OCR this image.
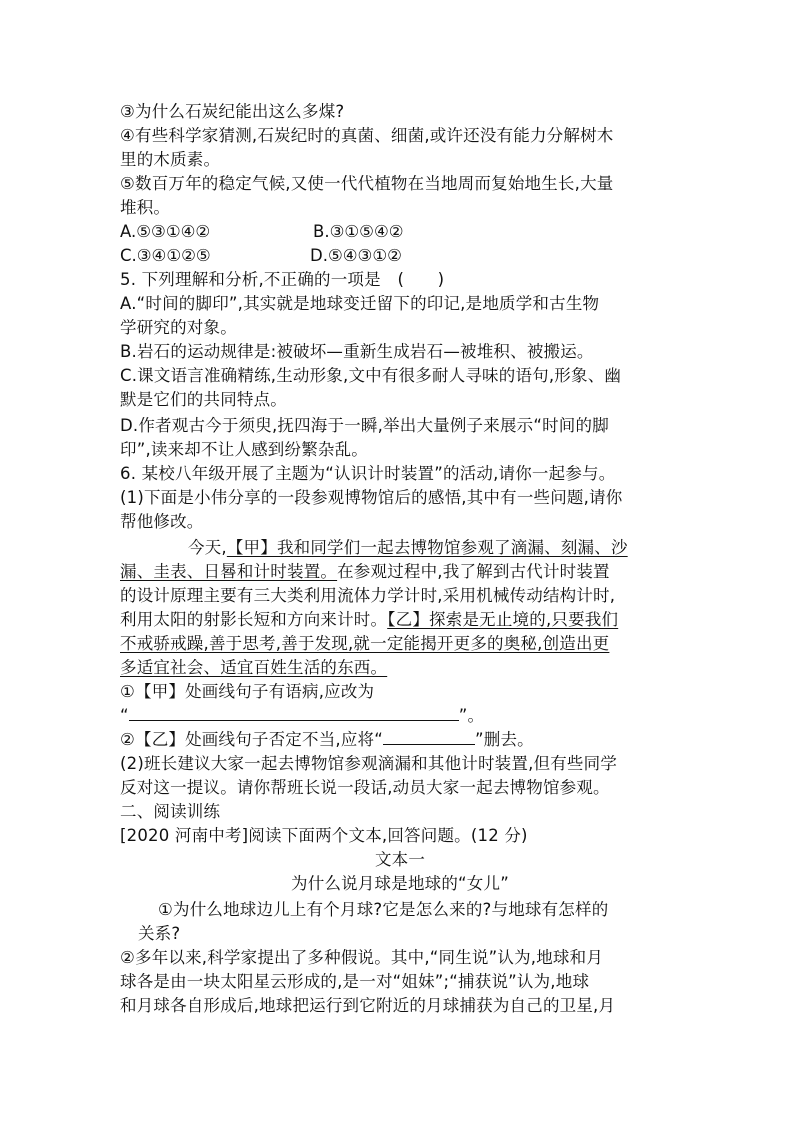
③为什么石炭纪能出这么多煤?
④有些科学家猜测,石炭纪时的真菌、细菌,或许还没有能力分解树木
里的木质素。
⑤数百万年的稳定气候,又使一代代植物在当地周而复始地生长,大量
堆积。
A.⑤③①④②	B.③①⑤④②
C.③④①②⑤	D.⑤④③①②
5. 下列理解和分析,不正确的一项是　(　　)
A.“时间的脚印”,其实就是地球变迁留下的印记,是地质学和古生物
学研究的对象。
B.岩石的运动规律是:被破坏—重新生成岩石—被堆积、被搬运。
C.课文语言准确精练,生动形象,文中有很多耐人寻味的语句,形象、幽
默是它们的共同特点。
D.作者观古今于须臾,抚四海于一瞬,举出大量例子来展示“时间的脚
印”,读来却不让人感到纷繁杂乱。
6. 某校八年级开展了主题为“认识计时装置”的活动,请你一起参与。
(1)下面是小伟分享的一段参观博物馆后的感悟,其中有一些问题,请你
帮他修改。
今天,【甲】我和同学们一起去博物馆参观了滴漏、刻漏、沙
漏、圭表、日晷和计时装置。在参观过程中,我了解到古代计时装置
的设计原理主要有三大类利用流体力学计时,采用机械传动结构计时,
利用太阳的射影长短和方向来计时。【乙】探索是无止境的,只要我们
不戒骄戒躁,善于思考,善于发现,就一定能揭开更多的奥秘,创造出更
多适宜社会、适宜百姓生活的东西。
①【甲】处画线句子有语病,应改为
“	”。
②【乙】处画线句子否定不当,应将“	”删去。
(2)班长建议大家一起去博物馆参观滴漏和其他计时装置,但有些同学
反对这一提议。请你帮班长说一段话,动员大家一起去博物馆参观。
二、阅读训练
[2020 河南中考]阅读下面两个文本,回答问题。(12 分)
文本一
为什么说月球是地球的“女儿”
①为什么地球边儿上有个月球?它是怎么来的?与地球有怎样的
关系?
②多年以来,科学家提出了多种假说。其中,“同生说”认为,地球和月
球各是由一块太阳星云形成的,是一对“姐妹”;“捕获说”认为,地球
和月球各自形成后,地球把运行到它附近的月球捕获为自己的卫星,月
